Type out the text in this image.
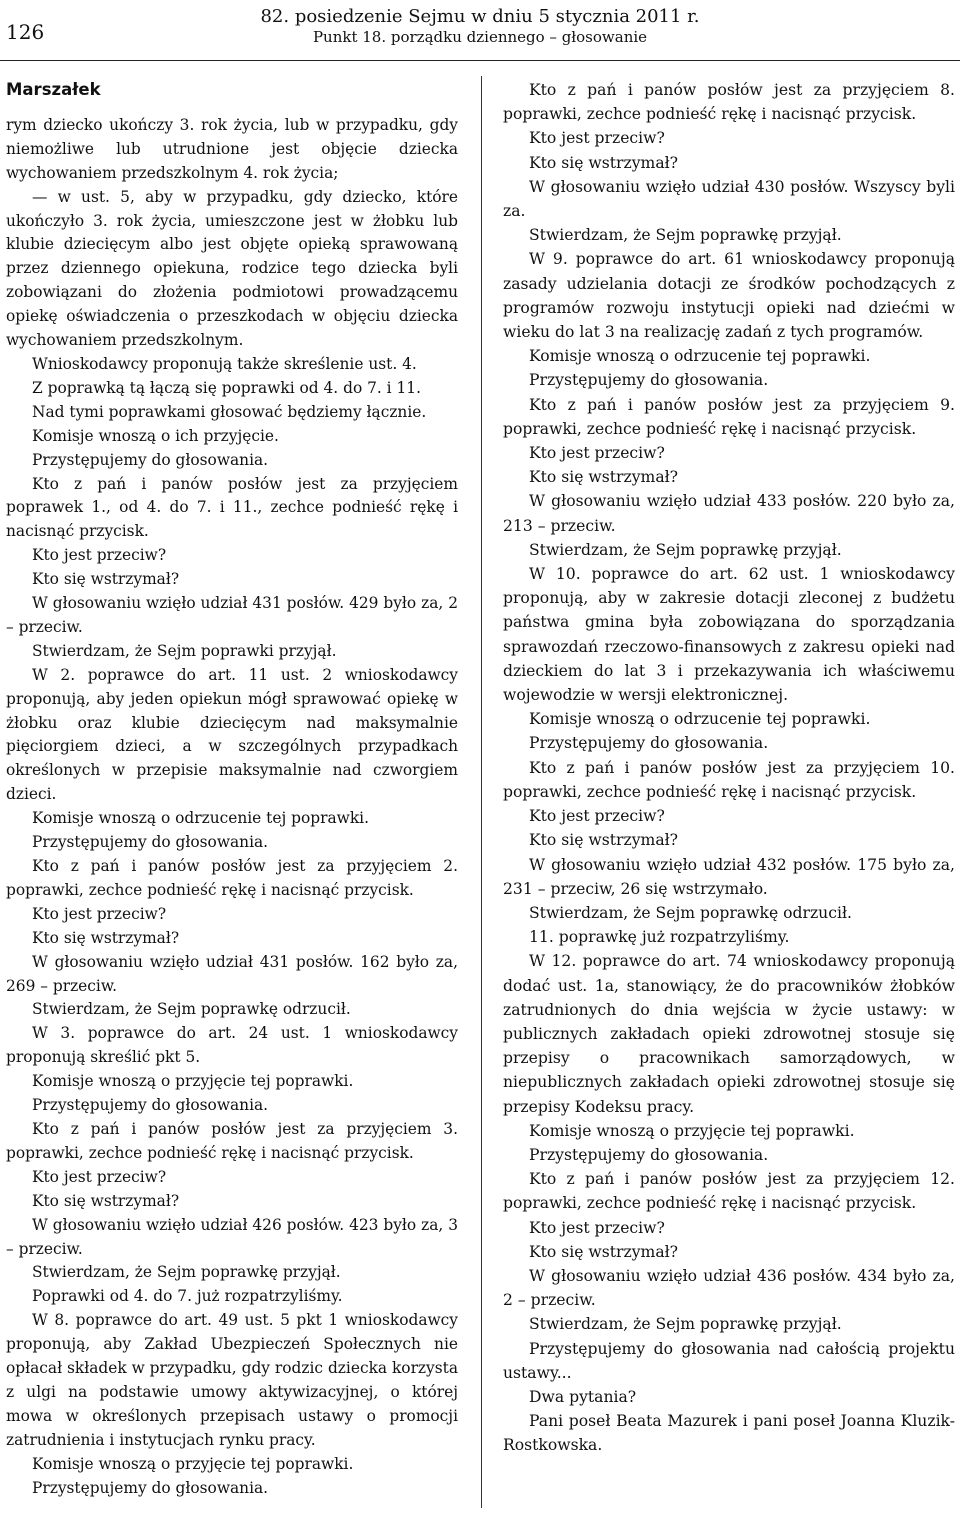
126
82. posiedzenie Sejmu w dniu 5 stycznia 2011 r.
Punkt 18. porządku dziennego – głosowanie

Marszałek

rym dziecko ukończy 3. rok życia, lub w przypadku, gdy niemożliwe lub utrudnione jest objęcie dziecka wychowaniem przedszkolnym 4. rok życia;

— w ust. 5, aby w przypadku, gdy dziecko, które ukończyło 3. rok życia, umieszczone jest w żłobku lub klubie dziecięcym albo jest objęte opieką sprawowaną przez dziennego opiekuna, rodzice tego dziecka byli zobowiązani do złożenia podmiotowi prowadzącemu opiekę oświadczenia o przeszkodach w objęciu dziecka wychowaniem przedszkolnym.

Wnioskodawcy proponują także skreślenie ust. 4.

Z poprawką tą łączą się poprawki od 4. do 7. i 11.

Nad tymi poprawkami głosować będziemy łącznie.

Komisje wnoszą o ich przyjęcie.

Przystępujemy do głosowania.

Kto z pań i panów posłów jest za przyjęciem poprawek 1., od 4. do 7. i 11., zechce podnieść rękę i nacisnąć przycisk.

Kto jest przeciw?

Kto się wstrzymał?

W głosowaniu wzięło udział 431 posłów. 429 było za, 2 – przeciw.

Stwierdzam, że Sejm poprawki przyjął.

W 2. poprawce do art. 11 ust. 2 wnioskodawcy proponują, aby jeden opiekun mógł sprawować opiekę w żłobku oraz klubie dziecięcym nad maksymalnie pięciorgiem dzieci, a w szczególnych przypadkach określonych w przepisie maksymalnie nad czworgiem dzieci.

Komisje wnoszą o odrzucenie tej poprawki.

Przystępujemy do głosowania.

Kto z pań i panów posłów jest za przyjęciem 2. poprawki, zechce podnieść rękę i nacisnąć przycisk.

Kto jest przeciw?

Kto się wstrzymał?

W głosowaniu wzięło udział 431 posłów. 162 było za, 269 – przeciw.

Stwierdzam, że Sejm poprawkę odrzucił.

W 3. poprawce do art. 24 ust. 1 wnioskodawcy proponują skreślić pkt 5.

Komisje wnoszą o przyjęcie tej poprawki.

Przystępujemy do głosowania.

Kto z pań i panów posłów jest za przyjęciem 3. poprawki, zechce podnieść rękę i nacisnąć przycisk.

Kto jest przeciw?

Kto się wstrzymał?

W głosowaniu wzięło udział 426 posłów. 423 było za, 3 – przeciw.

Stwierdzam, że Sejm poprawkę przyjął.

Poprawki od 4. do 7. już rozpatrzyliśmy.

W 8. poprawce do art. 49 ust. 5 pkt 1 wnioskodawcy proponują, aby Zakład Ubezpieczeń Społecznych nie opłacał składek w przypadku, gdy rodzic dziecka korzysta z ulgi na podstawie umowy aktywizacyjnej, o której mowa w określonych przepisach ustawy o promocji zatrudnienia i instytucjach rynku pracy.

Komisje wnoszą o przyjęcie tej poprawki.

Przystępujemy do głosowania.

Kto z pań i panów posłów jest za przyjęciem 8. poprawki, zechce podnieść rękę i nacisnąć przycisk.

Kto jest przeciw?

Kto się wstrzymał?

W głosowaniu wzięło udział 430 posłów. Wszyscy byli za.

Stwierdzam, że Sejm poprawkę przyjął.

W 9. poprawce do art. 61 wnioskodawcy proponują zasady udzielania dotacji ze środków pochodzących z programów rozwoju instytucji opieki nad dziećmi w wieku do lat 3 na realizację zadań z tych programów.

Komisje wnoszą o odrzucenie tej poprawki.

Przystępujemy do głosowania.

Kto z pań i panów posłów jest za przyjęciem 9. poprawki, zechce podnieść rękę i nacisnąć przycisk.

Kto jest przeciw?

Kto się wstrzymał?

W głosowaniu wzięło udział 433 posłów. 220 było za, 213 – przeciw.

Stwierdzam, że Sejm poprawkę przyjął.

W 10. poprawce do art. 62 ust. 1 wnioskodawcy proponują, aby w zakresie dotacji zleconej z budżetu państwa gmina była zobowiązana do sporządzania sprawozdań rzeczowo-finansowych z zakresu opieki nad dzieckiem do lat 3 i przekazywania ich właściwemu wojewodzie w wersji elektronicznej.

Komisje wnoszą o odrzucenie tej poprawki.

Przystępujemy do głosowania.

Kto z pań i panów posłów jest za przyjęciem 10. poprawki, zechce podnieść rękę i nacisnąć przycisk.

Kto jest przeciw?

Kto się wstrzymał?

W głosowaniu wzięło udział 432 posłów. 175 było za, 231 – przeciw, 26 się wstrzymało.

Stwierdzam, że Sejm poprawkę odrzucił.

11. poprawkę już rozpatrzyliśmy.

W 12. poprawce do art. 74 wnioskodawcy proponują dodać ust. 1a, stanowiący, że do pracowników żłobków zatrudnionych do dnia wejścia w życie ustawy: w publicznych zakładach opieki zdrowotnej stosuje się przepisy o pracownikach samorządowych, w niepublicznych zakładach opieki zdrowotnej stosuje się przepisy Kodeksu pracy.

Komisje wnoszą o przyjęcie tej poprawki.

Przystępujemy do głosowania.

Kto z pań i panów posłów jest za przyjęciem 12. poprawki, zechce podnieść rękę i nacisnąć przycisk.

Kto jest przeciw?

Kto się wstrzymał?

W głosowaniu wzięło udział 436 posłów. 434 było za, 2 – przeciw.

Stwierdzam, że Sejm poprawkę przyjął.

Przystępujemy do głosowania nad całością projektu ustawy...

Dwa pytania?

Pani poseł Beata Mazurek i pani poseł Joanna Kluzik-Rostkowska.
